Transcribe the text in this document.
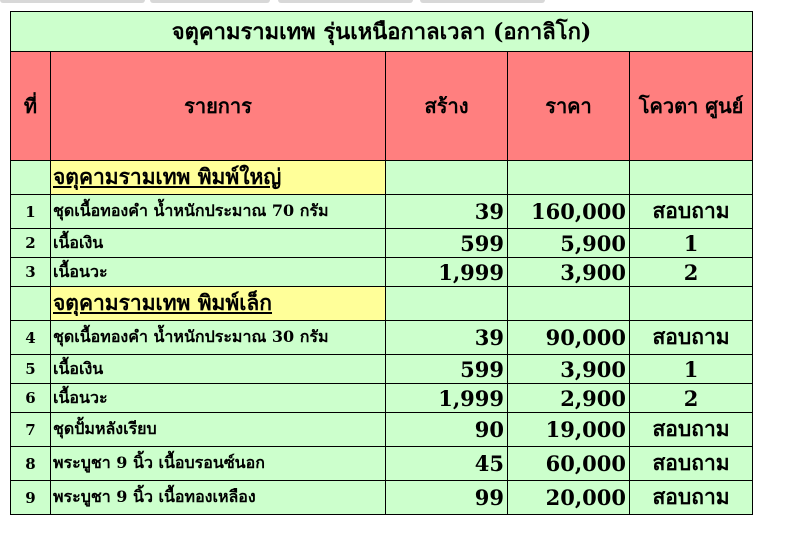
จตุคามรามเทพ รุ่นเหนือกาลเวลา (อกาลิโก)				
ที่	รายการ	สร้าง	ราคา	โควตา ศูนย์
	จตุคามรามเทพ พิมพ์ใหญ่			
1	ชุดเนื้อทองคำ น้ำหนักประมาณ 70 กรัม	39	160,000	สอบถาม
2	เนื้อเงิน	599	5,900	1
3	เนื้อนวะ	1,999	3,900	2
	จตุคามรามเทพ พิมพ์เล็ก			
4	ชุดเนื้อทองคำ น้ำหนักประมาณ 30 กรัม	39	90,000	สอบถาม
5	เนื้อเงิน	599	3,900	1
6	เนื้อนวะ	1,999	2,900	2
7	ชุดปั้มหลังเรียบ	90	19,000	สอบถาม
8	พระบูชา 9 นิ้ว เนื้อบรอนซ์นอก	45	60,000	สอบถาม
9	พระบูชา 9 นิ้ว เนื้อทองเหลือง	99	20,000	สอบถาม
